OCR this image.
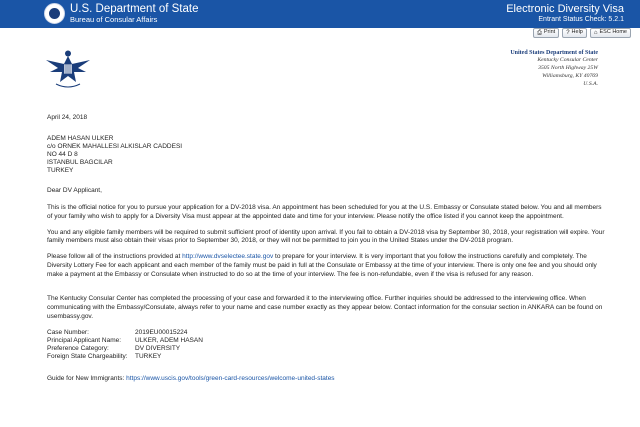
U.S. Department of State
Bureau of Consular Affairs
Electronic Diversity Visa
Entrant Status Check: 5.2.1
⎙ Print ? Help ⌂ ESC Home
United States Department of State
Kentucky Consular Center
3505 North Highway 25W
Williamsburg, KY 40769
U.S.A.
April 24, 2018
ADEM HASAN ULKER
c/o ORNEK MAHALLESI ALKISLAR CADDESI
NO 44 D 8
ISTANBUL BAGCILAR
TURKEY
Dear DV Applicant,
This is the official notice for you to pursue your application for a DV-2018 visa. An appointment has been scheduled for you at the U.S. Embassy or Consulate stated below. You and all members of your family who wish to apply for a Diversity Visa must appear at the appointed date and time for your interview. Please notify the office listed if you cannot keep the appointment.
You and any eligible family members will be required to submit sufficient proof of identity upon arrival. If you fail to obtain a DV-2018 visa by September 30, 2018, your registration will expire. Your family members must also obtain their visas prior to September 30, 2018, or they will not be permitted to join you in the United States under the DV-2018 program.
Please follow all of the instructions provided at http://www.dvselectee.state.gov to prepare for your interview. It is very important that you follow the instructions carefully and completely. The Diversity Lottery Fee for each applicant and each member of the family must be paid in full at the Consulate or Embassy at the time of your interview. There is only one fee and you should only make a payment at the Embassy or Consulate when instructed to do so at the time of your interview. The fee is non-refundable, even if the visa is refused for any reason.
The Kentucky Consular Center has completed the processing of your case and forwarded it to the interviewing office. Further inquiries should be addressed to the interviewing office. When communicating with the Embassy/Consulate, always refer to your name and case number exactly as they appear below. Contact information for the consular section in ANKARA can be found on usembassy.gov.
Case Number:	2019EU00015224
Principal Applicant Name:	ULKER, ADEM HASAN
Preference Category:	DV DIVERSITY
Foreign State Chargeability:	TURKEY
Guide for New Immigrants: https://www.uscis.gov/tools/green-card-resources/welcome-united-states
